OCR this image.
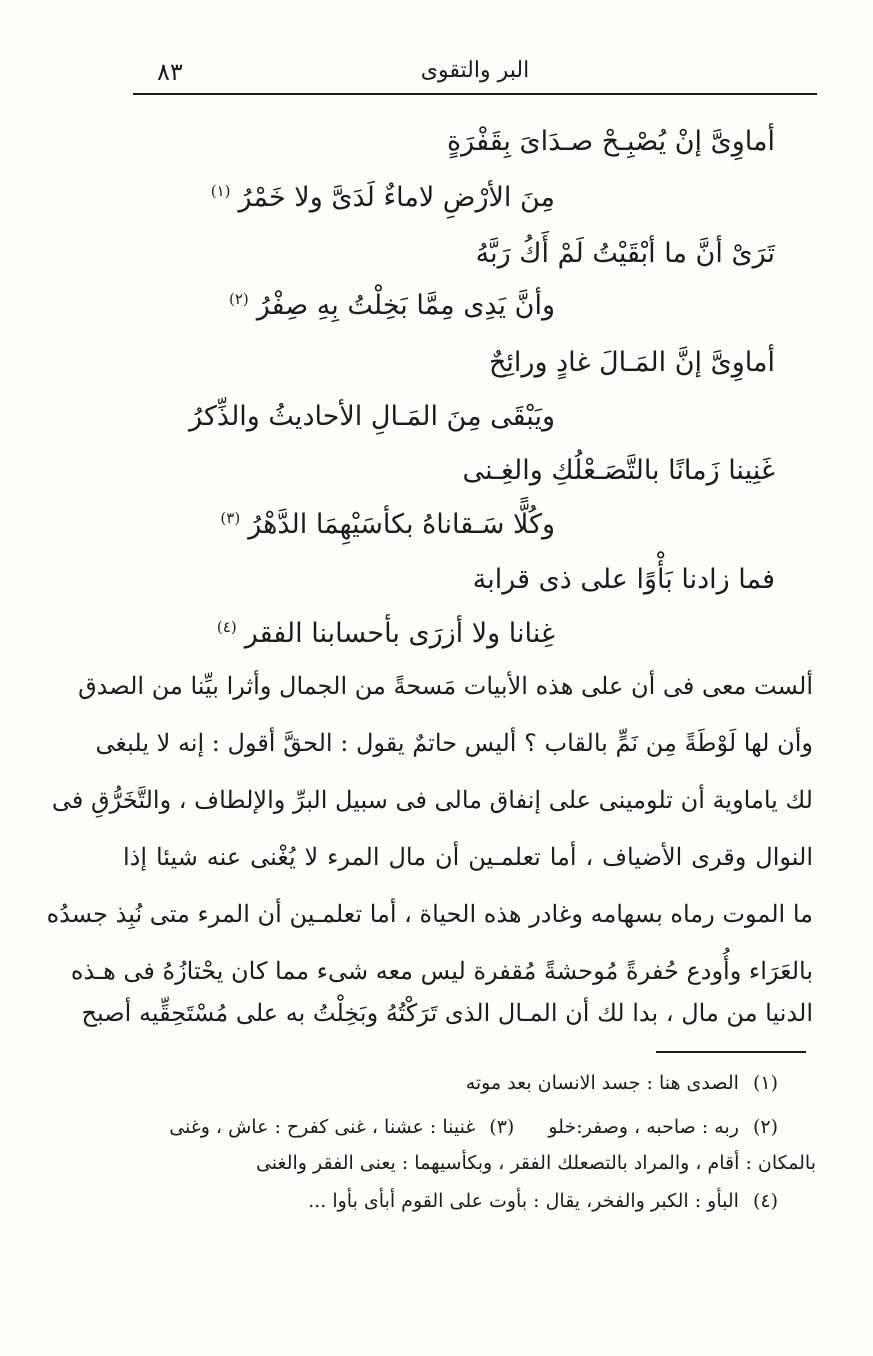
٨٣	البر والتقوى
أماوِىَّ إنْ يُصْبِـحْ صـدَاىَ بِقَفْرَةٍ
مِنَ الأرْضِ لاماءٌ لَدَىَّ ولا خَمْرُ$^{(١)}$
تَرَىْ أنَّ ما أبْقَيْتُ لَمْ أَكُ رَبَّهُ
وأنَّ يَدِى مِمَّا بَخِلْتُ بِهِ صِفْرُ$^{(٢)}$
أماوِىَّ إنَّ المَـالَ غادٍ ورائِحٌ
ويَبْقَى مِنَ المَـالِ الأحاديثُ والذِّكرُ
غَنِينا زَمانًا بالتَّصَـعْلُكِ والغِـنى
وكُلًّا سَـقاناهُ بكأسَيْهِمَا الدَّهْرُ$^{(٣)}$
فما زادنا بَأْوًا على ذى قرابة
غِنانا ولا أزرَى بأحسابنا الفقر$^{(٤)}$
ألست معى فى أن على هذه الأبيات مَسحةً من الجمال وأثرا بيِّنا من الصدق
وأن لها لَوْطَةً مِن نَمٍّ بالقاب ؟ أليس حاتمٌ يقول : الحقَّ أقول : إنه لا يلبغى
لك ياماوية أن تلومينى على إنفاق مالى فى سبيل البرِّ والإلطاف ، والتَّخَرُّقِ فى
النوال وقرى الأضياف ، أما تعلمـين أن مال المرء لا يُغْنى عنه شيئا إذا
ما الموت رماه بسهامه وغادر هذه الحياة ، أما تعلمـين أن المرء متى نُبِذ جسدُه
بالعَرَاء وأُودع حُفرةً مُوحشةً مُقفرة ليس معه شىء مما كان يحْتازُهُ فى هـذه
الدنيا من مال ، بدا لك أن المـال الذى تَرَكْتُهُ وبَخِلْتُ به على مُسْتَحِقِّيه أصبح
(١)الصدى هنا : جسد الانسان بعد موته
(٢)ربه : صاحبه ، وصفر:خلو(٣)غنينا : عشنا ، غنى كفرح : عاش ، وغنى
بالمكان : أقام ، والمراد بالتصعلك الفقر ، وبكأسيهما : يعنى الفقر والغنى
(٤)البأو : الكبر والفخر، يقال : بأوت على القوم أبأى بأوا ...
